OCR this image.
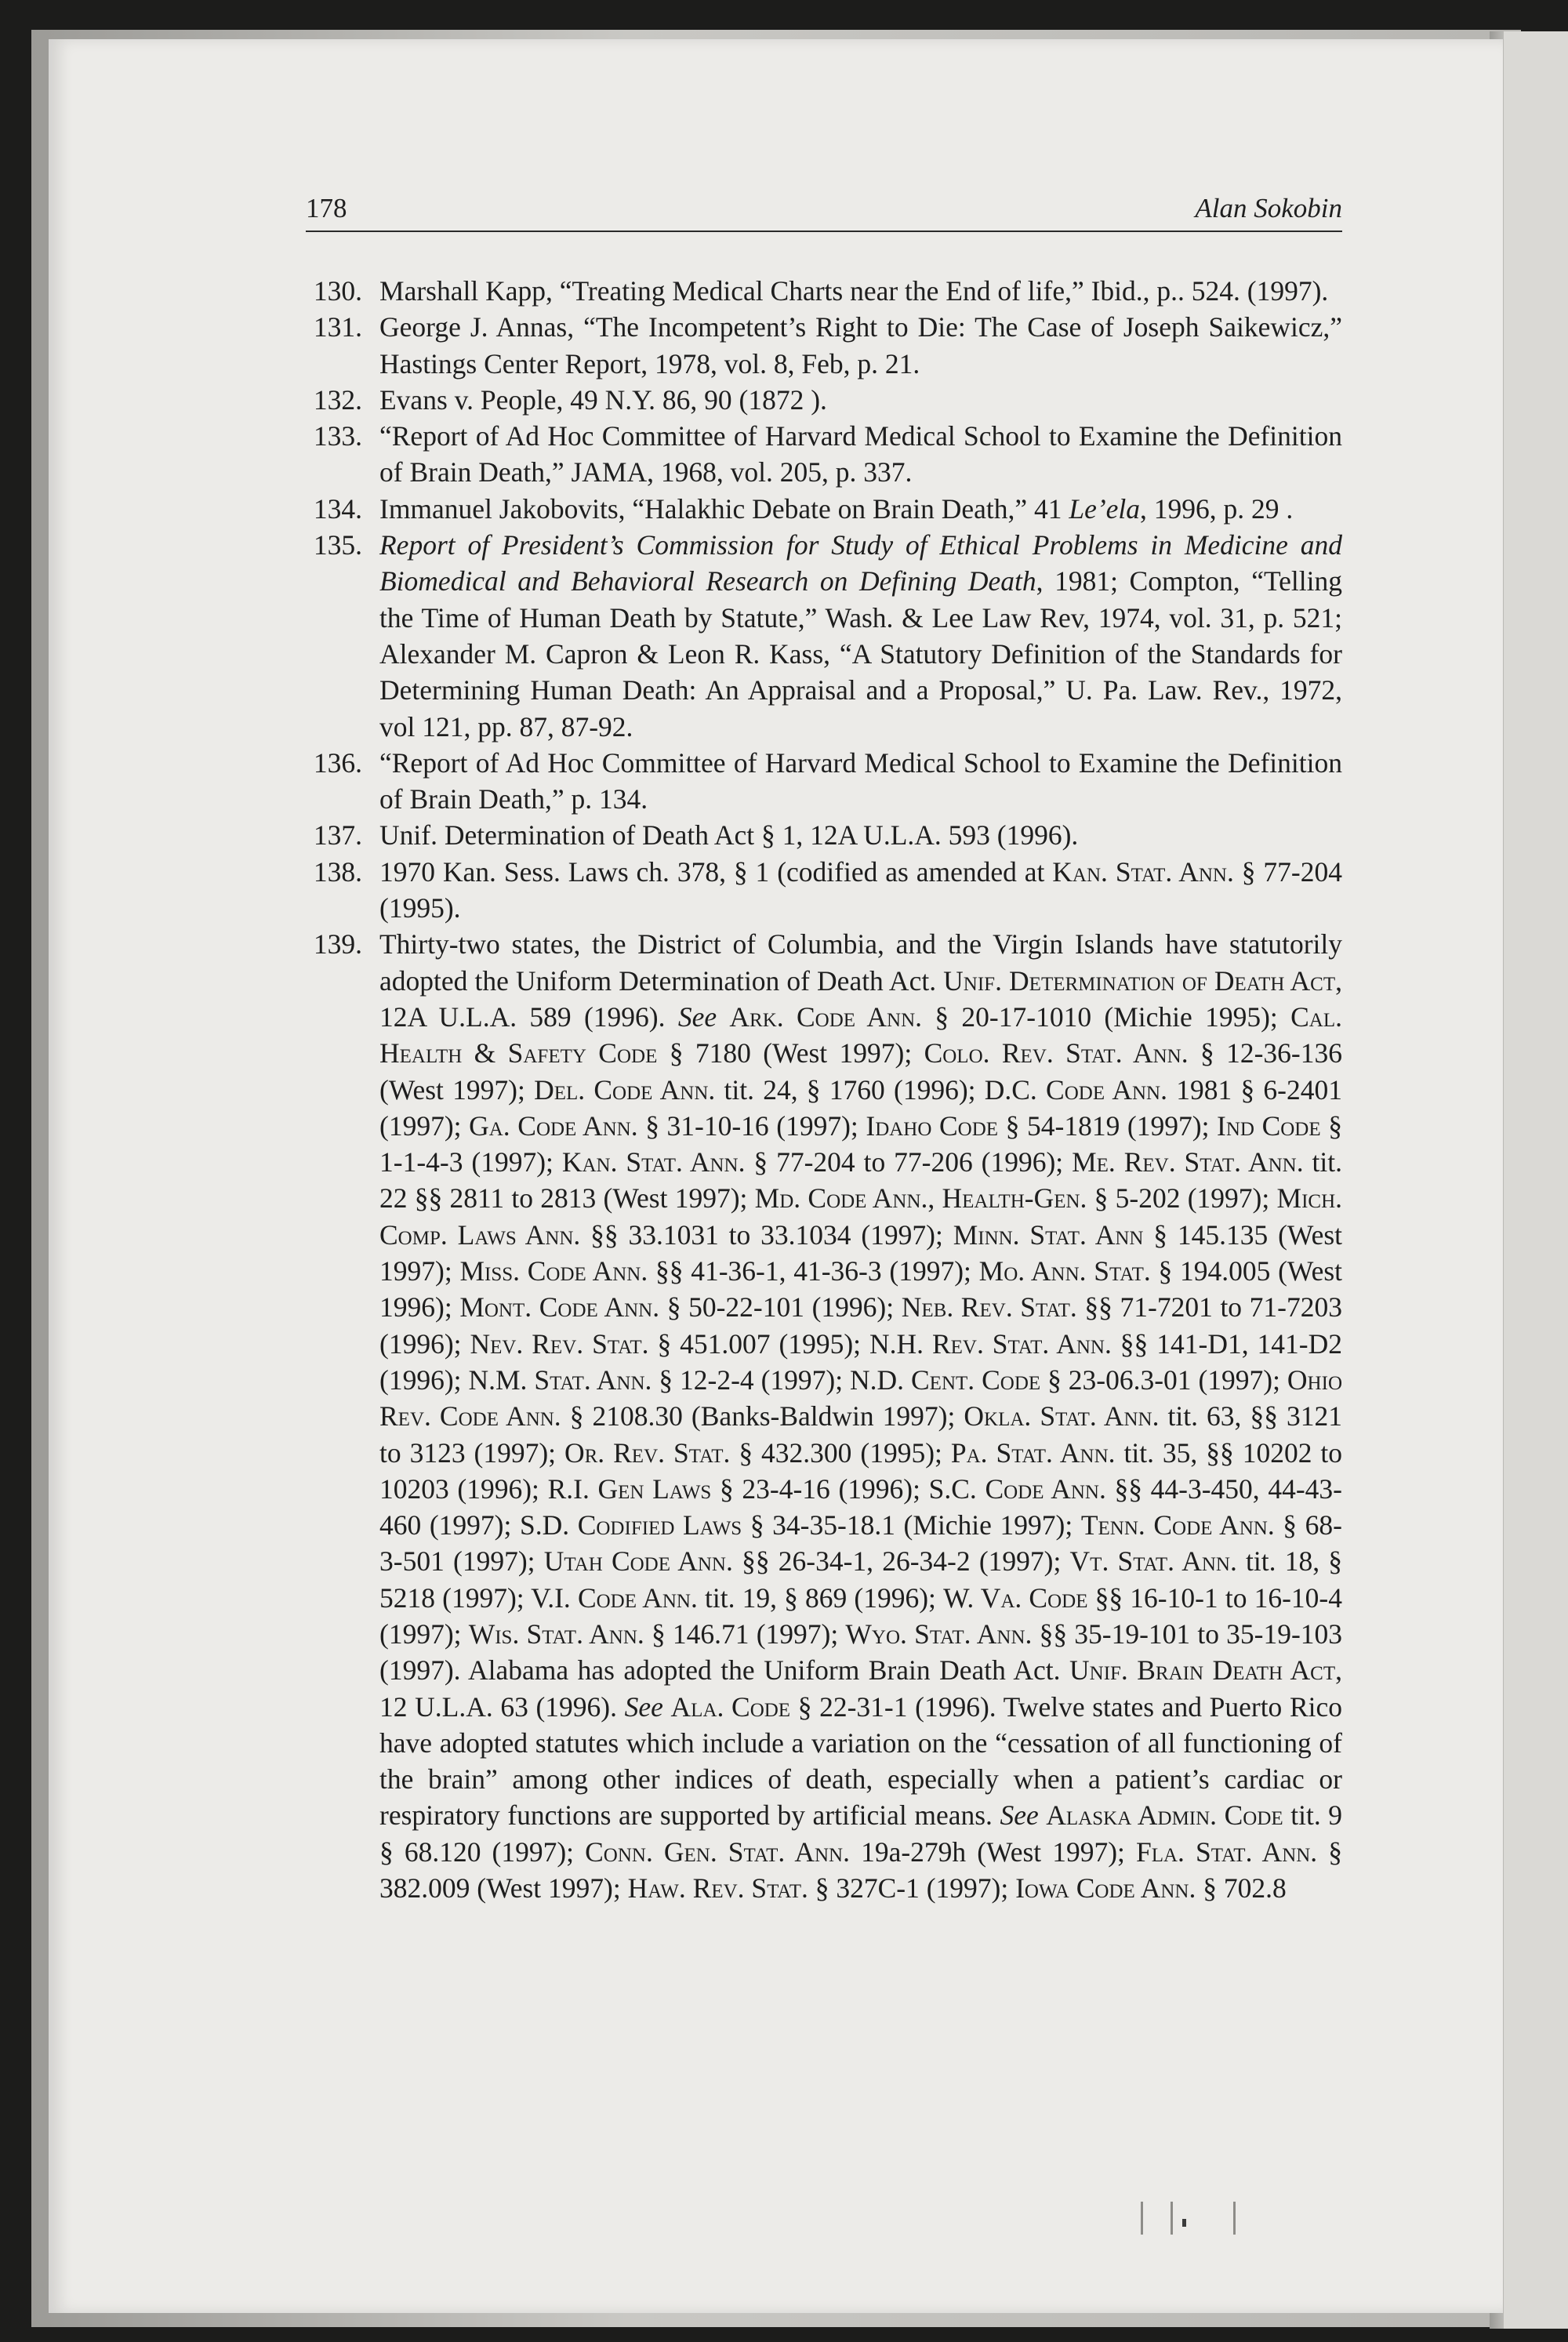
178	Alan Sokobin
130. Marshall Kapp, “Treating Medical Charts near the End of life,” Ibid., p.. 524. (1997).
131. George J. Annas, “The Incompetent’s Right to Die: The Case of Joseph Saikewicz,” Hastings Center Report, 1978, vol. 8, Feb, p. 21.
132. Evans v. People, 49 N.Y. 86, 90 (1872 ).
133. “Report of Ad Hoc Committee of Harvard Medical School to Examine the Definition of Brain Death,” JAMA, 1968, vol. 205, p. 337.
134. Immanuel Jakobovits, “Halakhic Debate on Brain Death,” 41 Le’ela, 1996, p. 29 .
135. Report of President’s Commission for Study of Ethical Problems in Medicine and Biomedical and Behavioral Research on Defining Death, 1981; Compton, “Telling the Time of Human Death by Statute,” Wash. & Lee Law Rev, 1974, vol. 31, p. 521; Alexander M. Capron & Leon R. Kass, “A Statutory Definition of the Standards for Determining Human Death: An Appraisal and a Proposal,” U. Pa. Law. Rev., 1972, vol 121, pp. 87, 87-92.
136. “Report of Ad Hoc Committee of Harvard Medical School to Examine the Definition of Brain Death,” p. 134.
137. Unif. Determination of Death Act § 1, 12A U.L.A. 593 (1996).
138. 1970 Kan. Sess. Laws ch. 378, § 1 (codified as amended at Kan. Stat. Ann. § 77-204 (1995).
139. Thirty-two states, the District of Columbia, and the Virgin Islands have statutorily adopted the Uniform Determination of Death Act. Unif. Determination of Death Act, 12A U.L.A. 589 (1996). See Ark. Code Ann. § 20-17-1010 (Michie 1995); Cal. Health & Safety Code § 7180 (West 1997); Colo. Rev. Stat. Ann. § 12-36-136 (West 1997); Del. Code Ann. tit. 24, § 1760 (1996); D.C. Code Ann. 1981 § 6-2401 (1997); Ga. Code Ann. § 31-10-16 (1997); Idaho Code § 54-1819 (1997); Ind Code § 1-1-4-3 (1997); Kan. Stat. Ann. § 77-204 to 77-206 (1996); Me. Rev. Stat. Ann. tit. 22 §§ 2811 to 2813 (West 1997); Md. Code Ann., Health-Gen. § 5-202 (1997); Mich. Comp. Laws Ann. §§ 33.1031 to 33.1034 (1997); Minn. Stat. Ann § 145.135 (West 1997); Miss. Code Ann. §§ 41-36-1, 41-36-3 (1997); Mo. Ann. Stat. § 194.005 (West 1996); Mont. Code Ann. § 50-22-101 (1996); Neb. Rev. Stat. §§ 71-7201 to 71-7203 (1996); Nev. Rev. Stat. § 451.007 (1995); N.H. Rev. Stat. Ann. §§ 141-D1, 141-D2 (1996); N.M. Stat. Ann. § 12-2-4 (1997); N.D. Cent. Code § 23-06.3-01 (1997); Ohio Rev. Code Ann. § 2108.30 (Banks-Baldwin 1997); Okla. Stat. Ann. tit. 63, §§ 3121 to 3123 (1997); Or. Rev. Stat. § 432.300 (1995); Pa. Stat. Ann. tit. 35, §§ 10202 to 10203 (1996); R.I. Gen Laws § 23-4-16 (1996); S.C. Code Ann. §§ 44-3-450, 44-43-460 (1997); S.D. Codified Laws § 34-35-18.1 (Michie 1997); Tenn. Code Ann. § 68-3-501 (1997); Utah Code Ann. §§ 26-34-1, 26-34-2 (1997); Vt. Stat. Ann. tit. 18, § 5218 (1997); V.I. Code Ann. tit. 19, § 869 (1996); W. Va. Code §§ 16-10-1 to 16-10-4 (1997); Wis. Stat. Ann. § 146.71 (1997); Wyo. Stat. Ann. §§ 35-19-101 to 35-19-103 (1997). Alabama has adopted the Uniform Brain Death Act. Unif. Brain Death Act, 12 U.L.A. 63 (1996). See Ala. Code § 22-31-1 (1996). Twelve states and Puerto Rico have adopted statutes which include a variation on the “cessation of all functioning of the brain” among other indices of death, especially when a patient’s cardiac or respiratory functions are supported by artificial means. See Alaska Admin. Code tit. 9 § 68.120 (1997); Conn. Gen. Stat. Ann. 19a-279h (West 1997); Fla. Stat. Ann. § 382.009 (West 1997); Haw. Rev. Stat. § 327C-1 (1997); Iowa Code Ann. § 702.8
